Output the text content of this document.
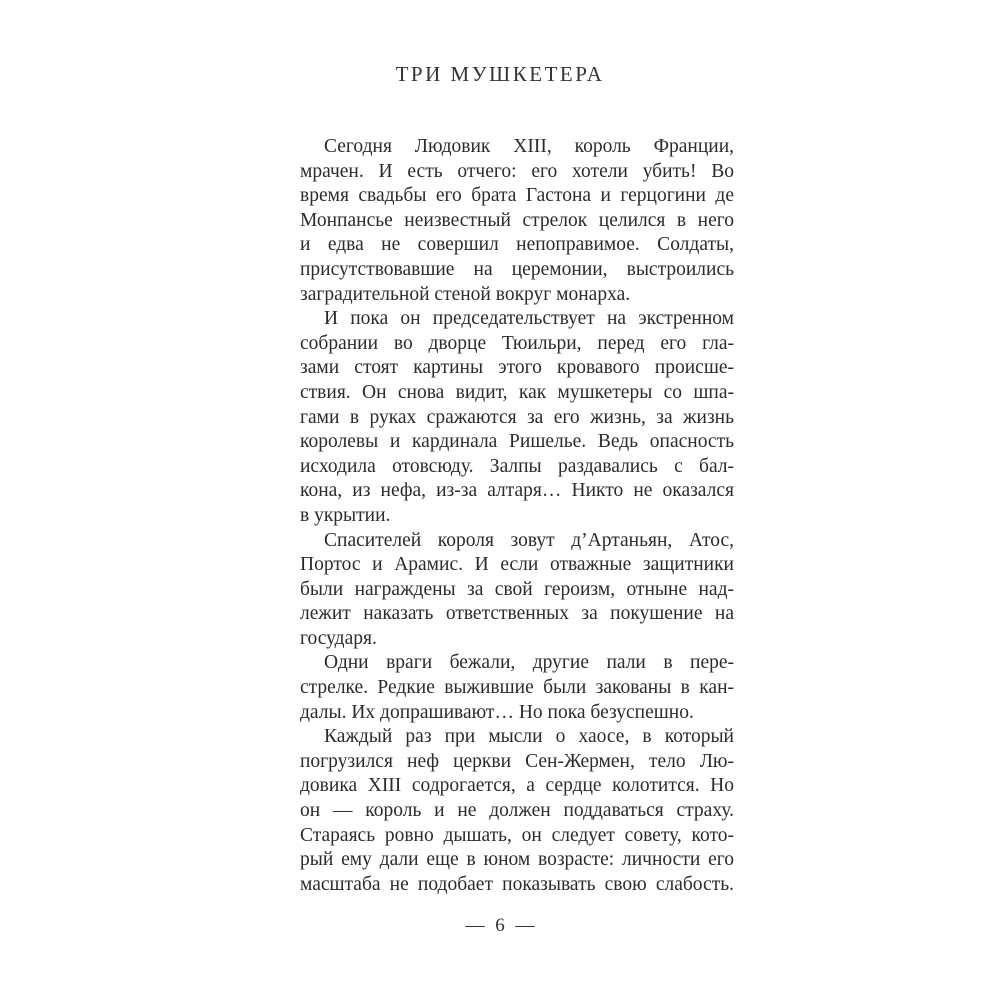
ТРИ МУШКЕТЕРА
Сегодня Людовик XIII, король Франции,
мрачен. И есть отчего: его хотели убить! Во
время свадьбы его брата Гастона и герцогини де
Монпансье неизвестный стрелок целился в него
и едва не совершил непоправимое. Солдаты,
присутствовавшие на церемонии, выстроились
заградительной стеной вокруг монарха.
И пока он председательствует на экстренном
собрании во дворце Тюильри, перед его гла-
зами стоят картины этого кровавого происше-
ствия. Он снова видит, как мушкетеры со шпа-
гами в руках сражаются за его жизнь, за жизнь
королевы и кардинала Ришелье. Ведь опасность
исходила отовсюду. Залпы раздавались с бал-
кона, из нефа, из-за алтаря… Никто не оказался
в укрытии.
Спасителей короля зовут д’Артаньян, Атос,
Портос и Арамис. И если отважные защитники
были награждены за свой героизм, отныне над-
лежит наказать ответственных за покушение на
государя.
Одни враги бежали, другие пали в пере-
стрелке. Редкие выжившие были закованы в кан-
далы. Их допрашивают… Но пока безуспешно.
Каждый раз при мысли о хаосе, в который
погрузился неф церкви Сен-Жермен, тело Лю-
довика XIII содрогается, а сердце колотится. Но
он — король и не должен поддаваться страху.
Стараясь ровно дышать, он следует совету, кото-
рый ему дали еще в юном возрасте: личности его
масштаба не подобает показывать свою слабость.
— 6 —
